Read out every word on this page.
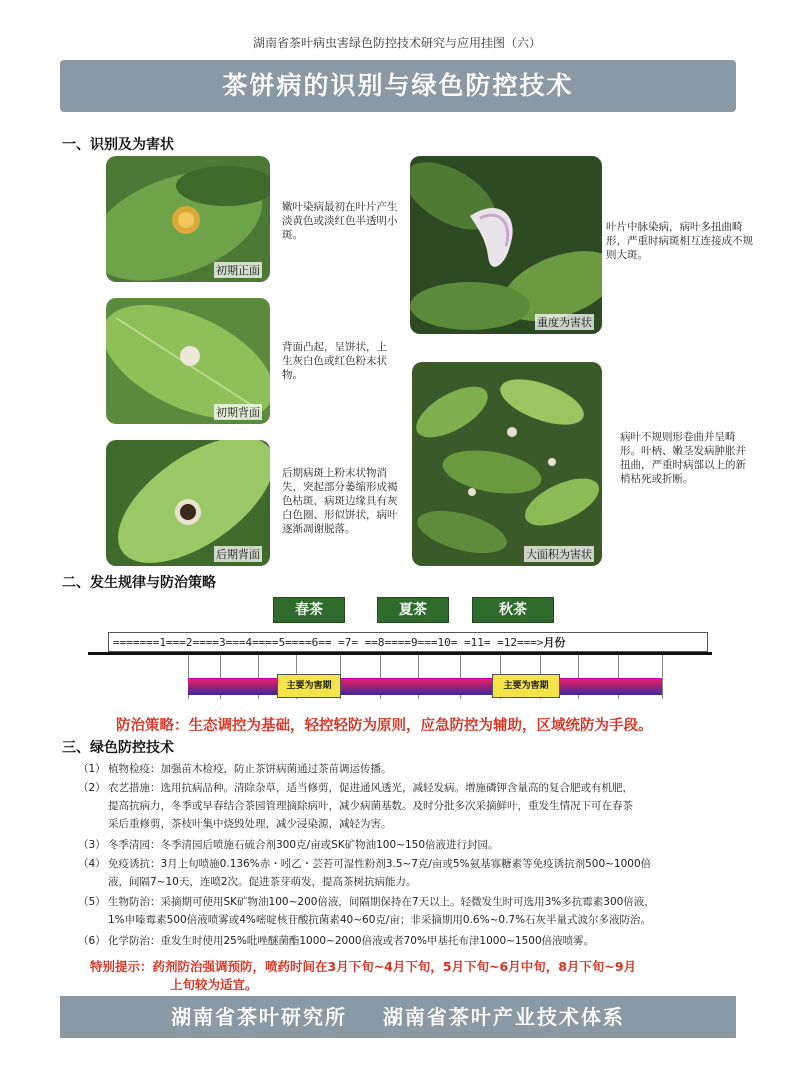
湖南省茶叶病虫害绿色防控技术研究与应用挂图（六）
茶饼病的识别与绿色防控技术
一、识别及为害状
初期正面
嫩叶染病最初在叶片产生淡黄色或淡红色半透明小斑。
初期背面
背面凸起，呈饼状，上生灰白色或红色粉末状物。
后期背面
后期病斑上粉末状物消失，突起部分萎缩形成褐色枯斑，病斑边缘具有灰白色圈、形似饼状，病叶逐渐凋谢脱落。
重度为害状
叶片中脉染病，病叶多扭曲畸形，严重时病斑相互连接成不规则大斑。
大面积为害状
病叶不规则形卷曲并呈畸形。叶柄、嫩茎发病肿胀并扭曲，严重时病部以上的新梢枯死或折断。
二、发生规律与防治策略
春茶	夏茶	秋茶
=======1===2====3===4====5====6== =7= ==8====9===10= =11= =12===>月份
主要为害期	主要为害期
防治策略：生态调控为基础，轻控轻防为原则，应急防控为辅助，区域统防为手段。
三、绿色防控技术
（1） 植物检疫：加强苗木检疫，防止茶饼病菌通过茶苗调运传播。
（2） 农艺措施：选用抗病品种。清除杂草，适当修剪，促进通风透光，减轻发病。增施磷钾含量高的复合肥或有机肥，
提高抗病力，冬季或早春结合茶园管理摘除病叶，减少病菌基数。及时分批多次采摘鲜叶，重发生情况下可在春茶
采后重修剪，茶枝叶集中烧毁处理，减少浸染源，减轻为害。
（3） 冬季清园：冬季清园后喷施石硫合剂300克/亩或SK矿物油100~150倍液进行封园。
（4） 免疫诱抗：3月上旬喷施0.136%赤・吲乙・芸苔可湿性粉剂3.5~7克/亩或5%氨基寡糖素等免疫诱抗剂500~1000倍
液，间隔7~10天，连喷2次。促进茶芽萌发，提高茶树抗病能力。
（5） 生物防治：采摘期可使用SK矿物油100~200倍液，间隔期保持在7天以上。轻微发生时可选用3%多抗霉素300倍液，
1%申嗪霉素500倍液喷雾或4%嘧啶核苷酸抗菌素40~60克/亩；非采摘期用0.6%~0.7%石灰半量式波尔多液防治。
（6） 化学防治：重发生时使用25%吡唑醚菌酯1000~2000倍液或者70%甲基托布津1000~1500倍液喷雾。
特别提示：药剂防治强调预防，喷药时间在3月下旬~4月下旬，5月下旬~6月中旬，8月下旬~9月
上旬较为适宜。
湖南省茶叶研究所    湖南省茶叶产业技术体系
